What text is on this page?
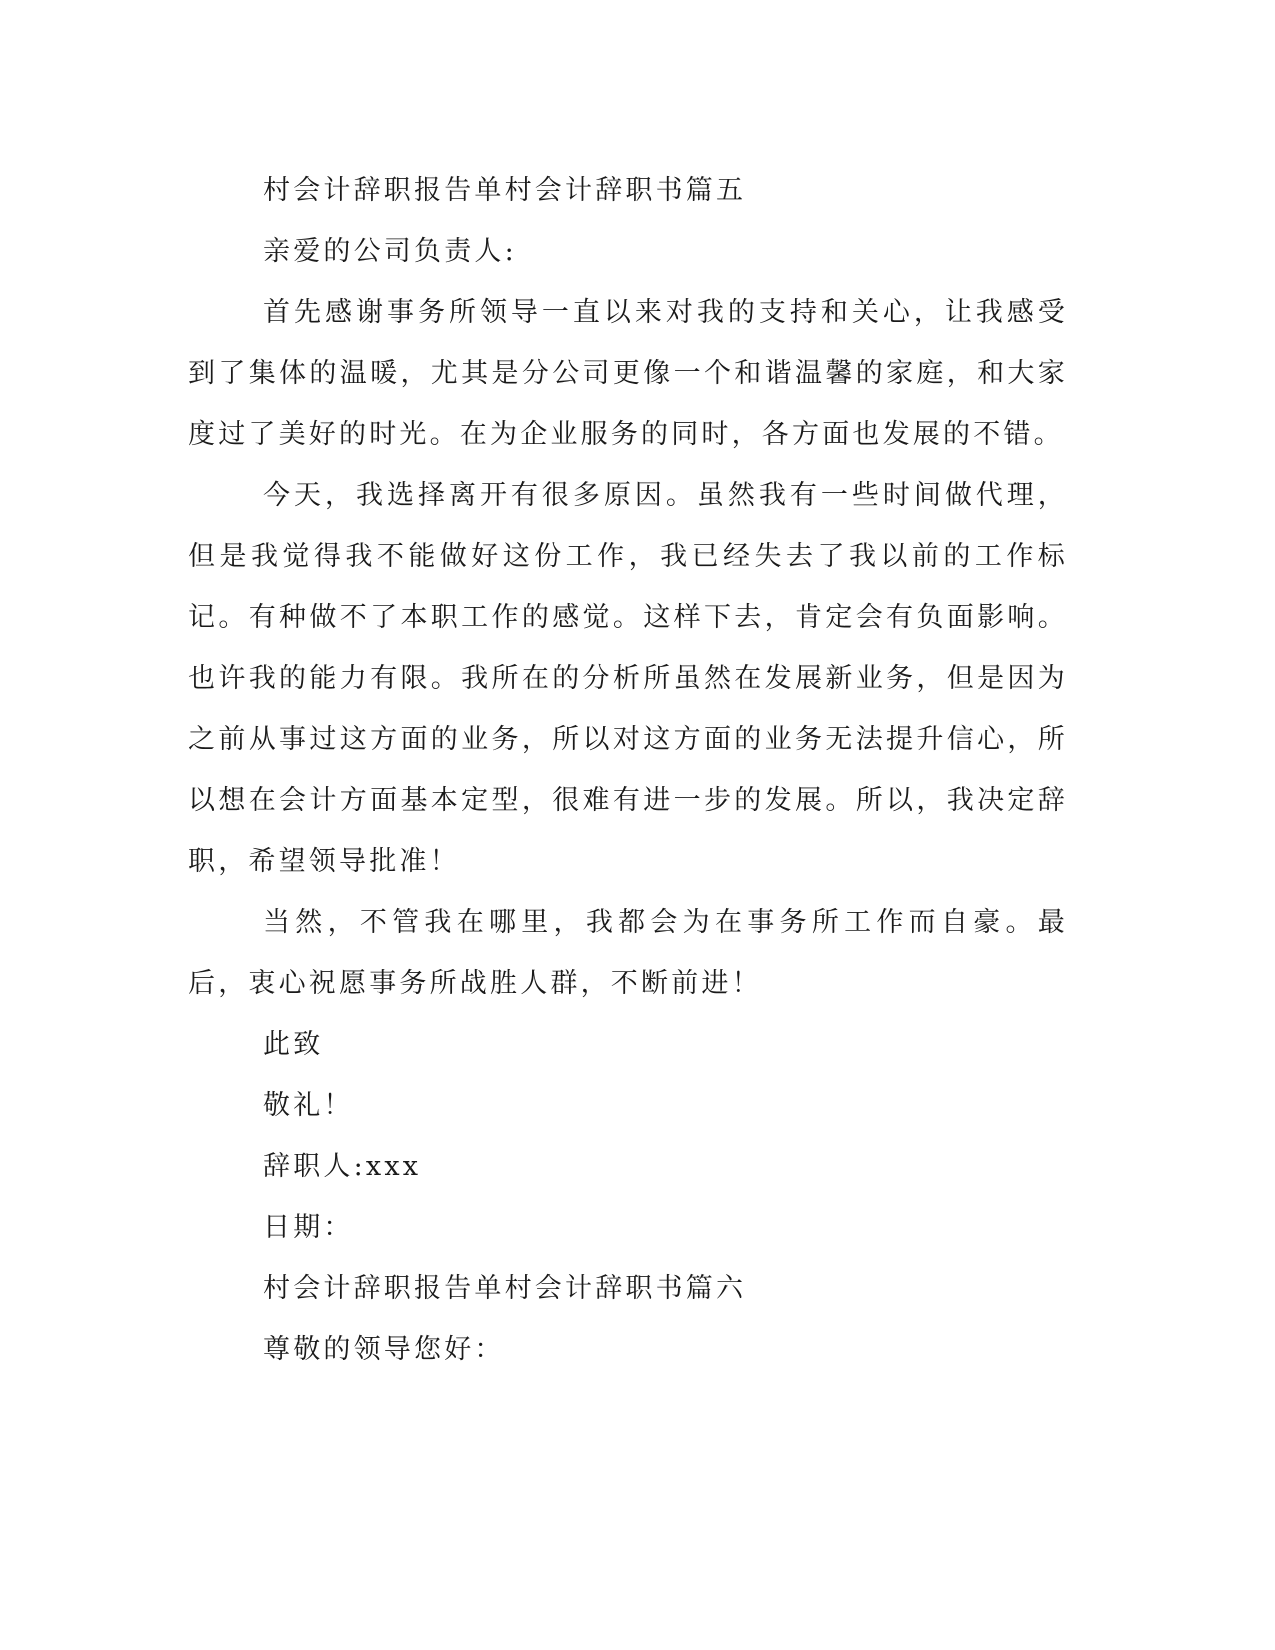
村会计辞职报告单村会计辞职书篇五

亲爱的公司负责人:

首先感谢事务所领导一直以来对我的支持和关心，让我感受到了集体的温暖，尤其是分公司更像一个和谐温馨的家庭，和大家度过了美好的时光。在为企业服务的同时，各方面也发展的不错。

今天，我选择离开有很多原因。虽然我有一些时间做代理，但是我觉得我不能做好这份工作，我已经失去了我以前的工作标记。有种做不了本职工作的感觉。这样下去，肯定会有负面影响。也许我的能力有限。我所在的分析所虽然在发展新业务，但是因为之前从事过这方面的业务，所以对这方面的业务无法提升信心，所以想在会计方面基本定型，很难有进一步的发展。所以，我决定辞职，希望领导批准！

当然，不管我在哪里，我都会为在事务所工作而自豪。最后，衷心祝愿事务所战胜人群，不断前进！

此致

敬礼！

辞职人:xxx

日期：

村会计辞职报告单村会计辞职书篇六

尊敬的领导您好：
